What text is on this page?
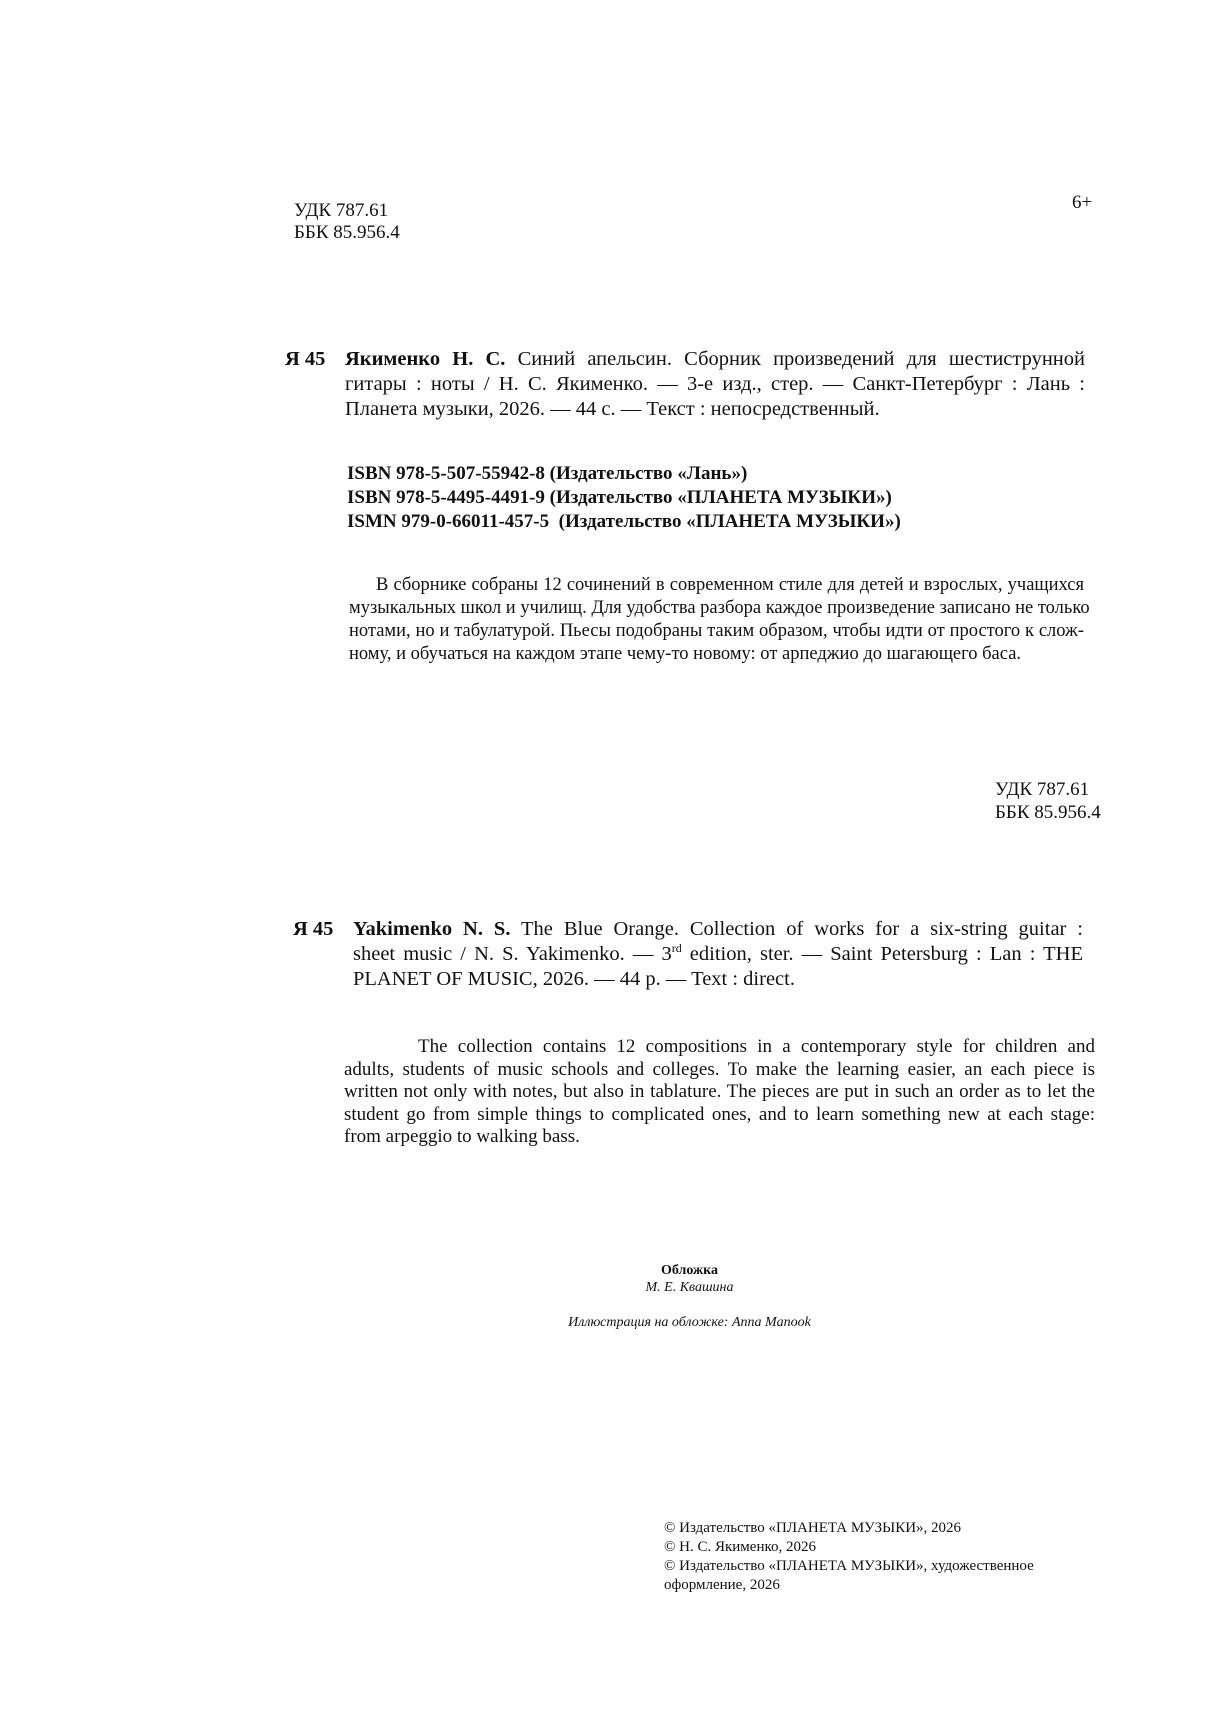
УДК 787.61
ББК 85.956.4
6+
Я 45 Якименко Н. С. Синий апельсин. Сборник произведений для шестиструнной
гитары : ноты / Н. С. Якименко. — 3-е изд., стер. — Санкт-Петербург : Лань :
Планета музыки, 2026. — 44 с. — Текст : непосредственный.
ISBN 978-5-507-55942-8 (Издательство «Лань»)
ISBN 978-5-4495-4491-9 (Издательство «ПЛАНЕТА МУЗЫКИ»)
ISMN 979-0-66011-457-5  (Издательство «ПЛАНЕТА МУЗЫКИ»)
В сборнике собраны 12 сочинений в современном стиле для детей и взрослых, учащихся
музыкальных школ и училищ. Для удобства разбора каждое произведение записано не только
нотами, но и табулатурой. Пьесы подобраны таким образом, чтобы идти от простого к слож-
ному, и обучаться на каждом этапе чему-то новому: от арпеджио до шагающего баса.
УДК 787.61
ББК 85.956.4
Я 45 Yakimenko N. S. The Blue Orange. Collection of works for a six-string guitar :
sheet music / N. S. Yakimenko. — 3rd edition, ster. — Saint Petersburg : Lan : THE
PLANET OF MUSIC, 2026. — 44 p. — Text : direct.
The collection contains 12 compositions in a contemporary style for children and
adults, students of music schools and colleges. To make the learning easier, an each piece is
written not only with notes, but also in tablature. The pieces are put in such an order as to let the
student go from simple things to complicated ones, and to learn something new at each stage:
from arpeggio to walking bass.
Обложка
М. Е. Квашина
Иллюстрация на обложке: Anna Manook
© Издательство «ПЛАНЕТА МУЗЫКИ», 2026
© Н. С. Якименко, 2026
© Издательство «ПЛАНЕТА МУЗЫКИ», художественное
оформление, 2026
